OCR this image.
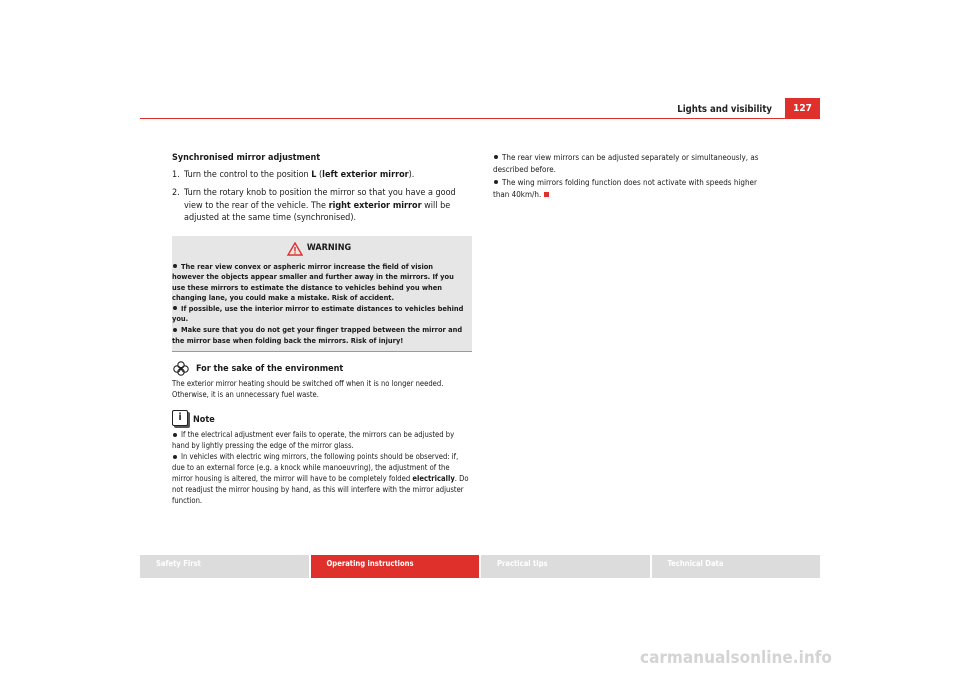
Lights and visibility	127
Synchronised mirror adjustment
1. Turn the control to the position L (left exterior mirror).
2. Turn the rotary knob to position the mirror so that you have a good view to the rear of the vehicle. The right exterior mirror will be adjusted at the same time (synchronised).
WARNING
The rear view convex or aspheric mirror increase the field of vision however the objects appear smaller and further away in the mirrors. If you use these mirrors to estimate the distance to vehicles behind you when changing lane, you could make a mistake. Risk of accident.
If possible, use the interior mirror to estimate distances to vehicles behind you.
Make sure that you do not get your finger trapped between the mirror and the mirror base when folding back the mirrors. Risk of injury!
For the sake of the environment
The exterior mirror heating should be switched off when it is no longer needed. Otherwise, it is an unnecessary fuel waste.
i	Note
If the electrical adjustment ever fails to operate, the mirrors can be adjusted by hand by lightly pressing the edge of the mirror glass.
In vehicles with electric wing mirrors, the following points should be observed: if, due to an external force (e.g. a knock while manoeuvring), the adjustment of the mirror housing is altered, the mirror will have to be completely folded electrically. Do not readjust the mirror housing by hand, as this will interfere with the mirror adjuster function.
The rear view mirrors can be adjusted separately or simultaneously, as described before.
The wing mirrors folding function does not activate with speeds higher than 40km/h.
Safety First	Operating instructions	Practical tips	Technical Data
carmanualsonline.info
